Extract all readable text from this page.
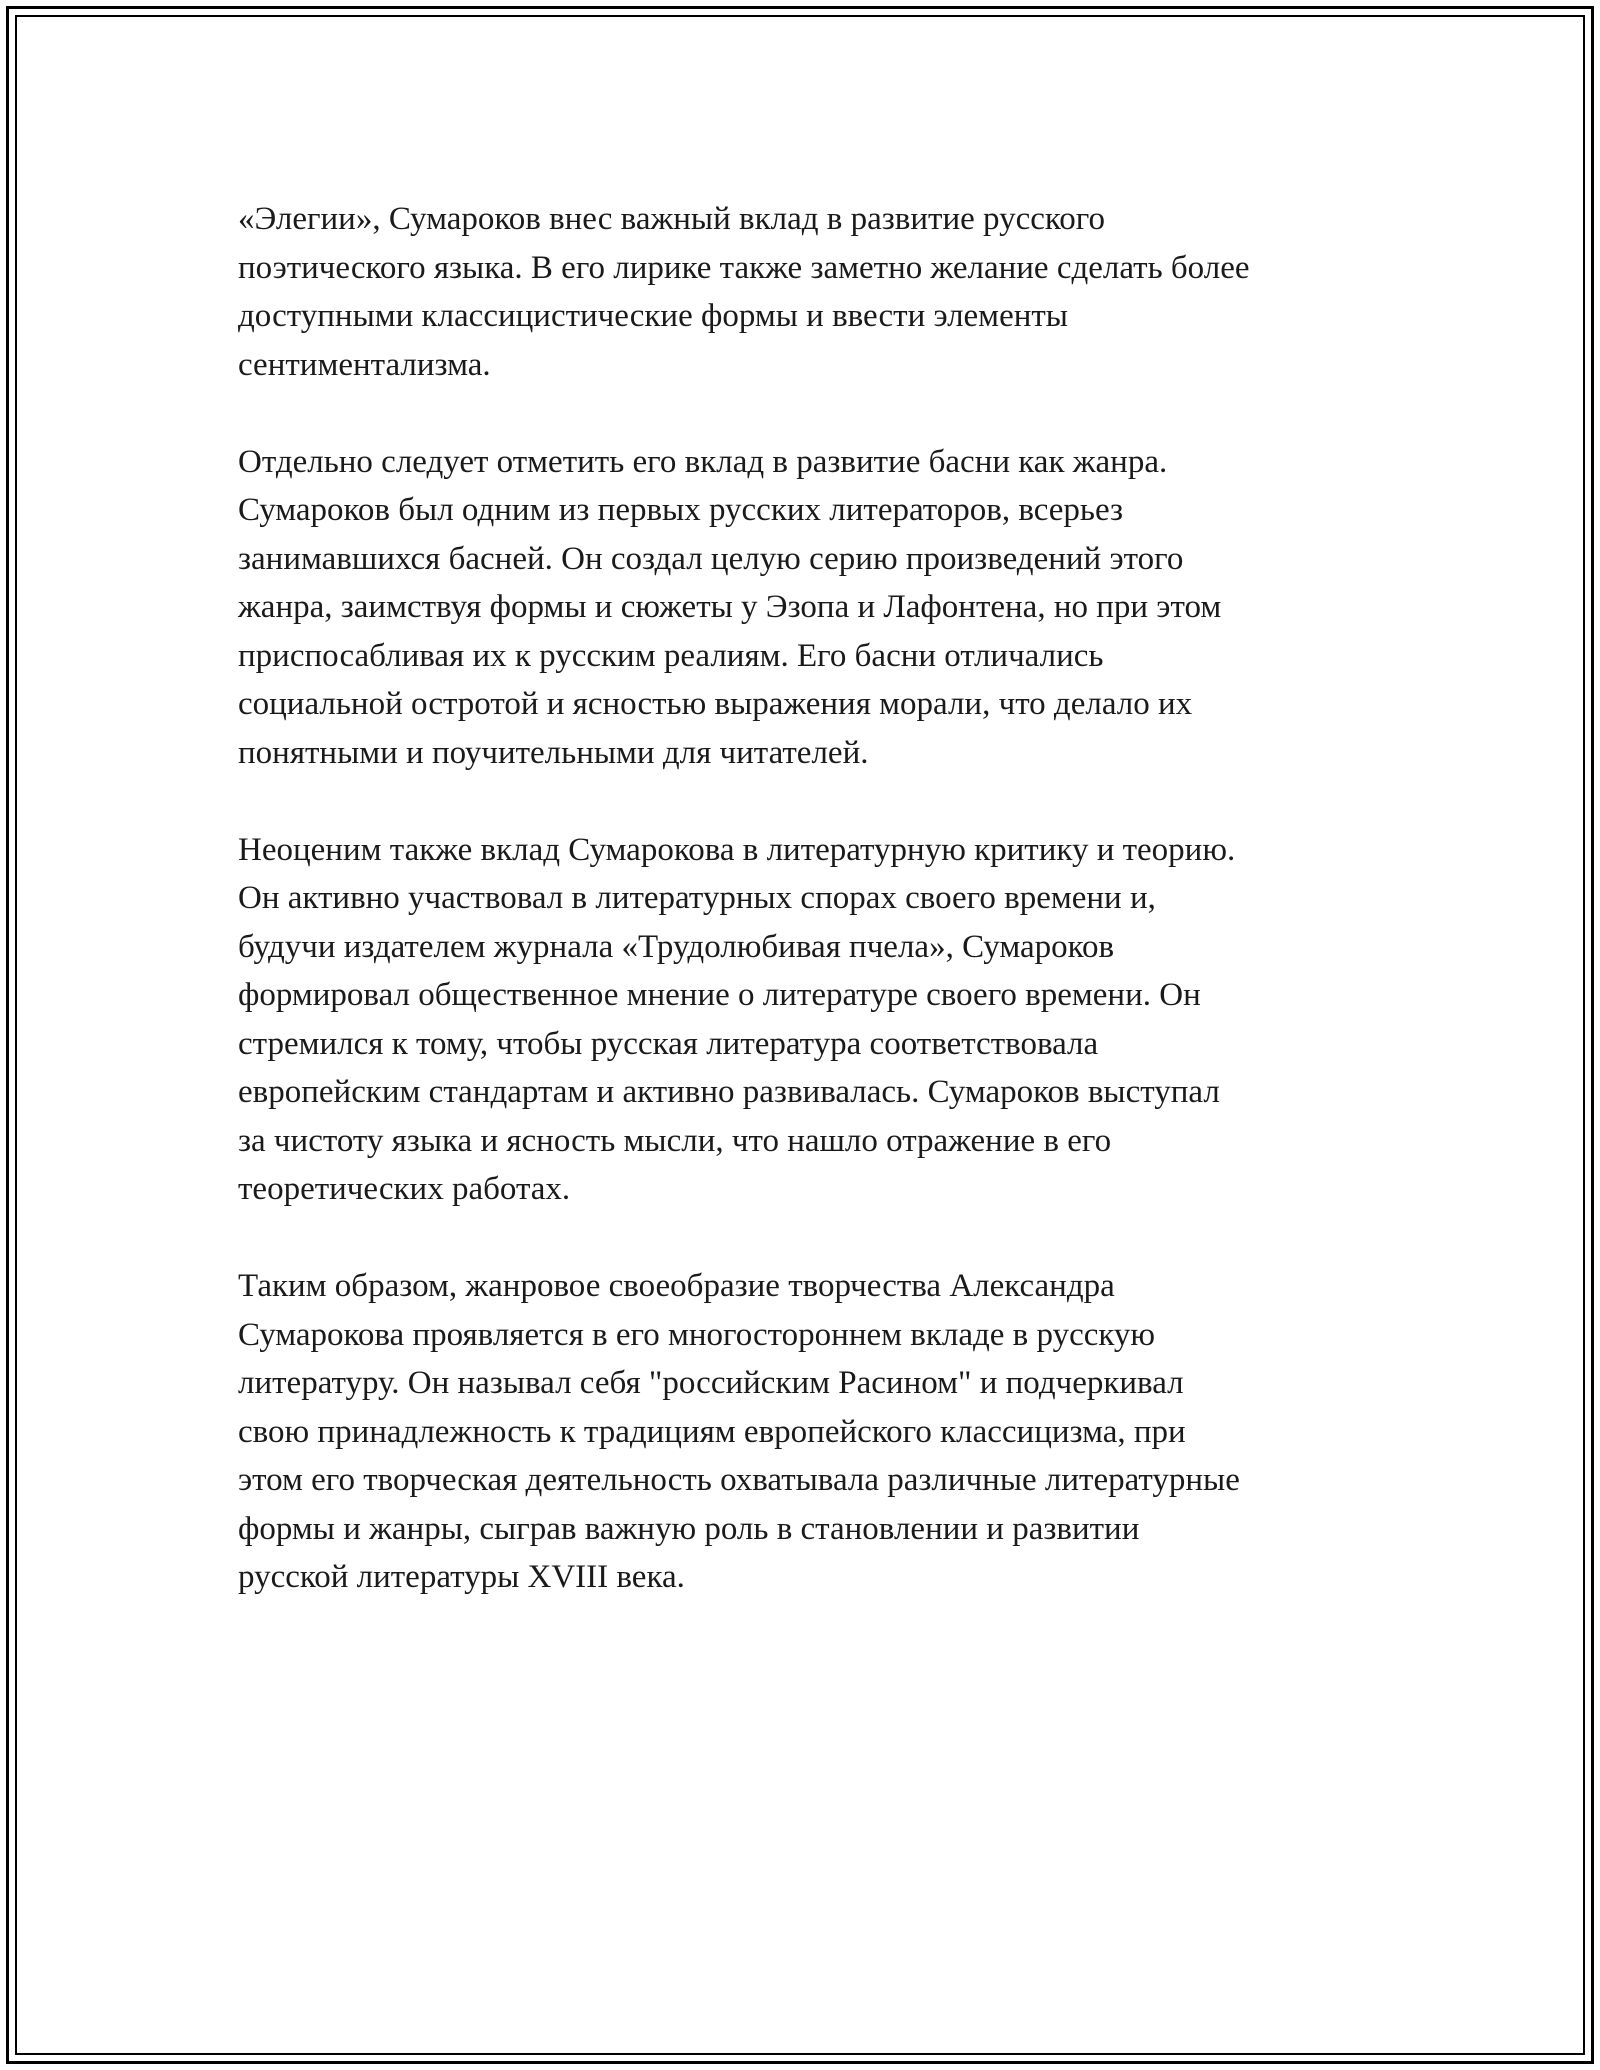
«Элегии», Сумароков внес важный вклад в развитие русского
поэтического языка. В его лирике также заметно желание сделать более
доступными классицистические формы и ввести элементы
сентиментализма.

Отдельно следует отметить его вклад в развитие басни как жанра.
Сумароков был одним из первых русских литераторов, всерьез
занимавшихся басней. Он создал целую серию произведений этого
жанра, заимствуя формы и сюжеты у Эзопа и Лафонтена, но при этом
приспосабливая их к русским реалиям. Его басни отличались
социальной остротой и ясностью выражения морали, что делало их
понятными и поучительными для читателей.

Неоценим также вклад Сумарокова в литературную критику и теорию.
Он активно участвовал в литературных спорах своего времени и,
будучи издателем журнала «Трудолюбивая пчела», Сумароков
формировал общественное мнение о литературе своего времени. Он
стремился к тому, чтобы русская литература соответствовала
европейским стандартам и активно развивалась. Сумароков выступал
за чистоту языка и ясность мысли, что нашло отражение в его
теоретических работах.

Таким образом, жанровое своеобразие творчества Александра
Сумарокова проявляется в его многостороннем вкладе в русскую
литературу. Он называл себя "российским Расином" и подчеркивал
свою принадлежность к традициям европейского классицизма, при
этом его творческая деятельность охватывала различные литературные
формы и жанры, сыграв важную роль в становлении и развитии
русской литературы XVIII века.
